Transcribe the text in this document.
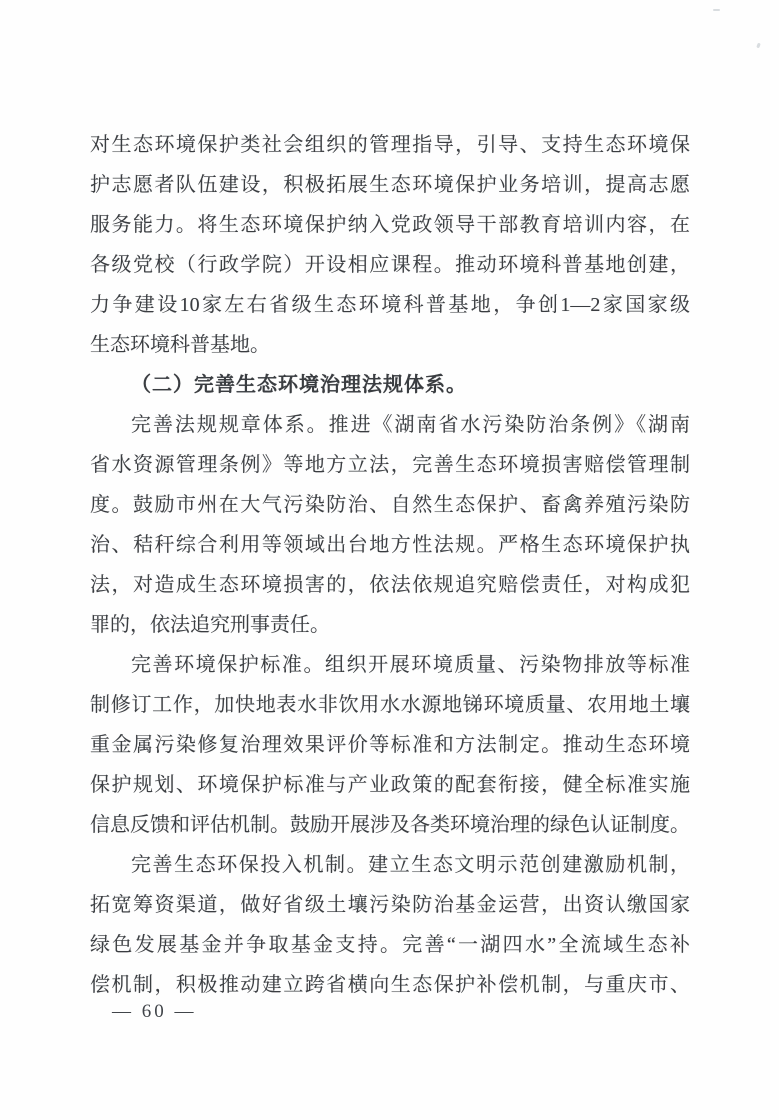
对生态环境保护类社会组织的管理指导，引导、支持生态环境保
护志愿者队伍建设，积极拓展生态环境保护业务培训，提高志愿
服务能力。将生态环境保护纳入党政领导干部教育培训内容，在
各级党校（行政学院）开设相应课程。推动环境科普基地创建，
力争建设10家左右省级生态环境科普基地，争创1—2家国家级
生态环境科普基地。
（二）完善生态环境治理法规体系。
完善法规规章体系。推进《湖南省水污染防治条例》《湖南
省水资源管理条例》等地方立法，完善生态环境损害赔偿管理制
度。鼓励市州在大气污染防治、自然生态保护、畜禽养殖污染防
治、秸秆综合利用等领域出台地方性法规。严格生态环境保护执
法，对造成生态环境损害的，依法依规追究赔偿责任，对构成犯
罪的，依法追究刑事责任。
完善环境保护标准。组织开展环境质量、污染物排放等标准
制修订工作，加快地表水非饮用水水源地锑环境质量、农用地土壤
重金属污染修复治理效果评价等标准和方法制定。推动生态环境
保护规划、环境保护标准与产业政策的配套衔接，健全标准实施
信息反馈和评估机制。鼓励开展涉及各类环境治理的绿色认证制度。
完善生态环保投入机制。建立生态文明示范创建激励机制，
拓宽筹资渠道，做好省级土壤污染防治基金运营，出资认缴国家
绿色发展基金并争取基金支持。完善“一湖四水”全流域生态补
偿机制，积极推动建立跨省横向生态保护补偿机制，与重庆市、
— 60 —
